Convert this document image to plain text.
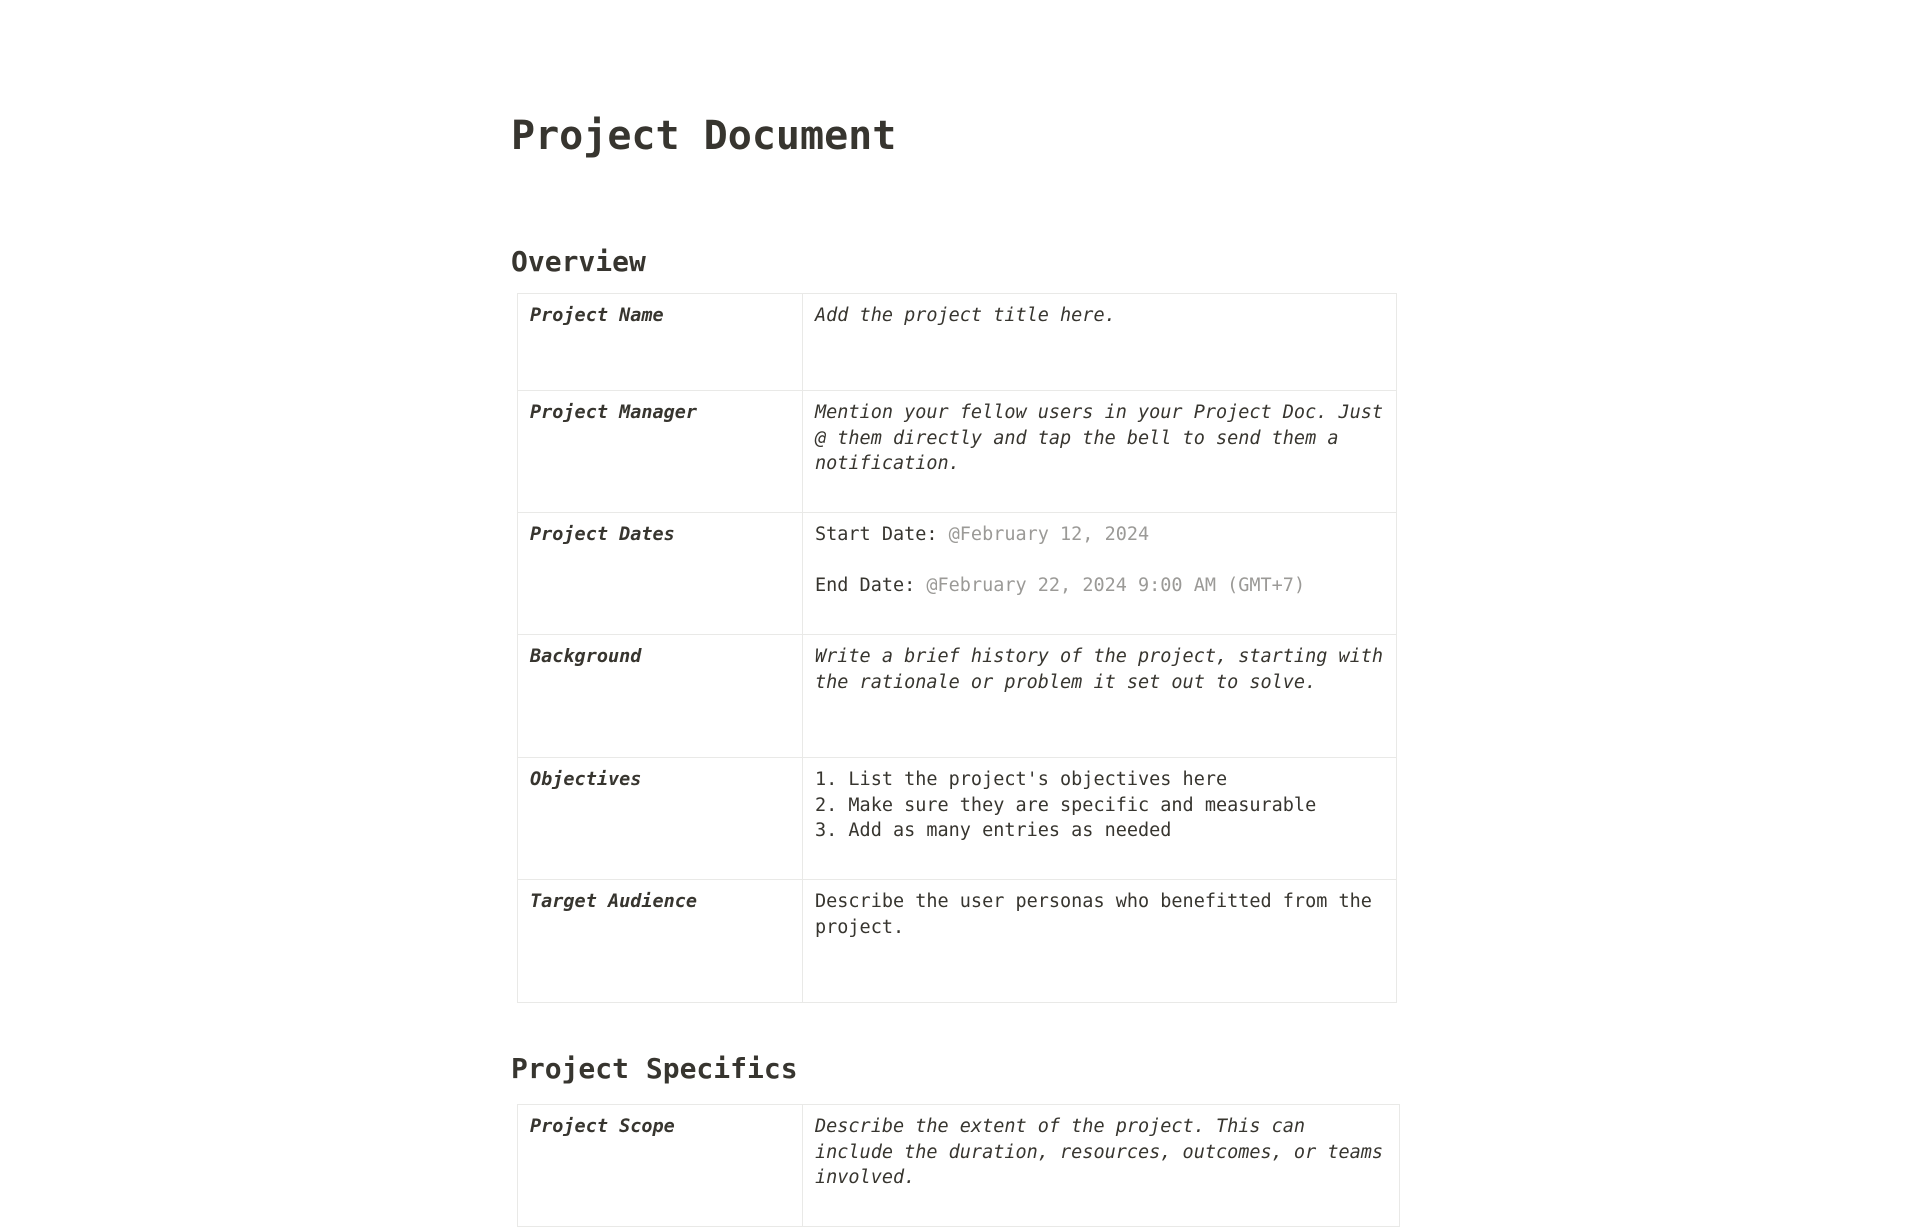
Project Document
Overview
Project Name	Add the project title here.
Project Manager	Mention your fellow users in your Project Doc. Just @ them directly and tap the bell to send them a notification.
Project Dates	Start Date: @February 12, 2024
End Date: @February 22, 2024 9:00 AM (GMT+7)

Background	Write a brief history of the project, starting with the rationale or problem it set out to solve.
Objectives	1. List the project's objectives here
2. Make sure they are specific and measurable
3. Add as many entries as needed

Target Audience	Describe the user personas who benefitted from the project.
Project Specifics
Project Scope	Describe the extent of the project. This can include the duration, resources, outcomes, or teams involved.
